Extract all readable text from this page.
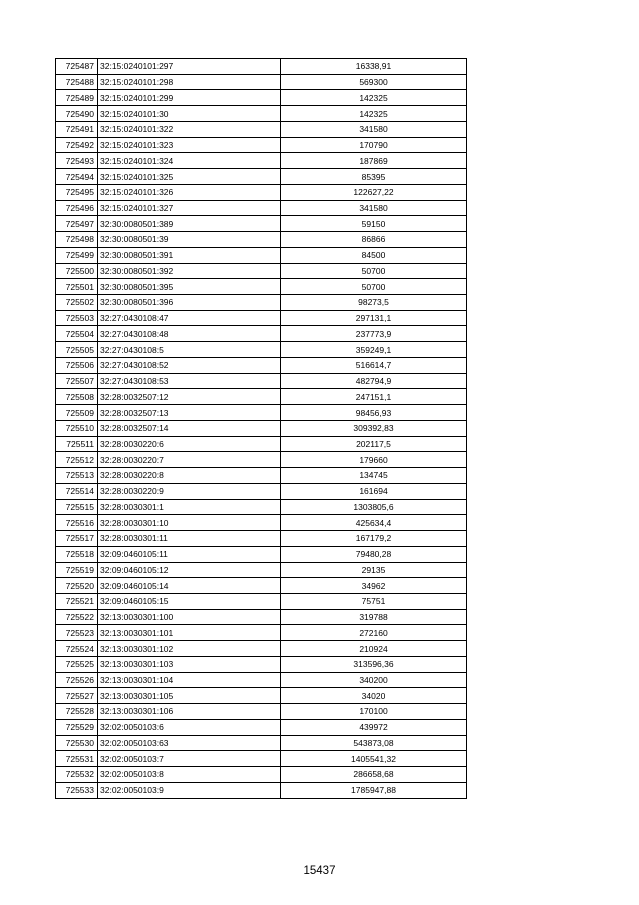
725487	32:15:0240101:297	16338,91
725488	32:15:0240101:298	569300
725489	32:15:0240101:299	142325
725490	32:15:0240101:30	142325
725491	32:15:0240101:322	341580
725492	32:15:0240101:323	170790
725493	32:15:0240101:324	187869
725494	32:15:0240101:325	85395
725495	32:15:0240101:326	122627,22
725496	32:15:0240101:327	341580
725497	32:30:0080501:389	59150
725498	32:30:0080501:39	86866
725499	32:30:0080501:391	84500
725500	32:30:0080501:392	50700
725501	32:30:0080501:395	50700
725502	32:30:0080501:396	98273,5
725503	32:27:0430108:47	297131,1
725504	32:27:0430108:48	237773,9
725505	32:27:0430108:5	359249,1
725506	32:27:0430108:52	516614,7
725507	32:27:0430108:53	482794,9
725508	32:28:0032507:12	247151,1
725509	32:28:0032507:13	98456,93
725510	32:28:0032507:14	309392,83
725511	32:28:0030220:6	202117,5
725512	32:28:0030220:7	179660
725513	32:28:0030220:8	134745
725514	32:28:0030220:9	161694
725515	32:28:0030301:1	1303805,6
725516	32:28:0030301:10	425634,4
725517	32:28:0030301:11	167179,2
725518	32:09:0460105:11	79480,28
725519	32:09:0460105:12	29135
725520	32:09:0460105:14	34962
725521	32:09:0460105:15	75751
725522	32:13:0030301:100	319788
725523	32:13:0030301:101	272160
725524	32:13:0030301:102	210924
725525	32:13:0030301:103	313596,36
725526	32:13:0030301:104	340200
725527	32:13:0030301:105	34020
725528	32:13:0030301:106	170100
725529	32:02:0050103:6	439972
725530	32:02:0050103:63	543873,08
725531	32:02:0050103:7	1405541,32
725532	32:02:0050103:8	286658,68
725533	32:02:0050103:9	1785947,88
15437
